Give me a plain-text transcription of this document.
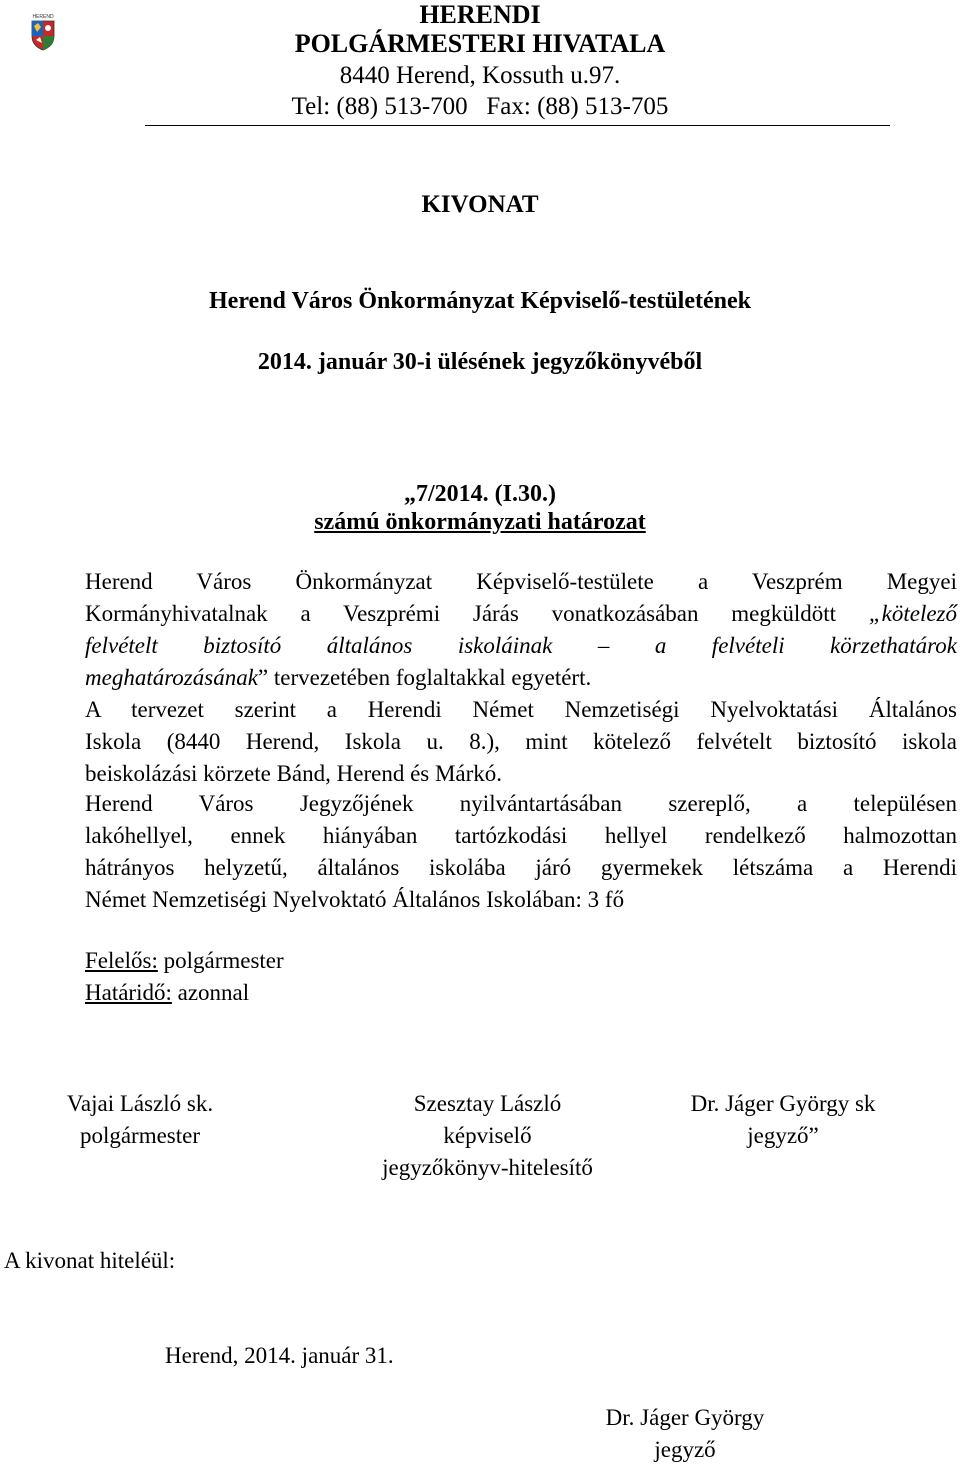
HEREND	HERENDI
POLGÁRMESTERI HIVATALA
8440 Herend, Kossuth u.97.
Tel: (88) 513-700   Fax: (88) 513-705
KIVONAT
Herend Város Önkormányzat Képviselő-testületének
2014. január 30-i ülésének jegyzőkönyvéből
„7/2014. (I.30.)
számú önkormányzati határozat
Herend Város Önkormányzat Képviselő-testülete a Veszprém Megyei
Kormányhivatalnak a Veszprémi Járás vonatkozásában megküldött „kötelező
felvételt biztosító általános iskoláinak – a felvételi körzethatárok
meghatározásának” tervezetében foglaltakkal egyetért.
A tervezet szerint a Herendi Német Nemzetiségi Nyelvoktatási Általános
Iskola (8440 Herend, Iskola u. 8.), mint kötelező felvételt biztosító iskola
beiskolázási körzete Bánd, Herend és Márkó.
Herend Város Jegyzőjének nyilvántartásában szereplő, a településen
lakóhellyel, ennek hiányában tartózkodási hellyel rendelkező halmozottan
hátrányos helyzetű, általános iskolába járó gyermekek létszáma a Herendi
Német Nemzetiségi Nyelvoktató Általános Iskolában: 3 fő
Felelős: polgármester
Határidő: azonnal
Vajai László sk.
polgármester
Szesztay László
képviselő
jegyzőkönyv-hitelesítő
Dr. Jáger György sk
jegyző”
A kivonat hiteléül:
Herend, 2014. január 31.
Dr. Jáger György
jegyző
